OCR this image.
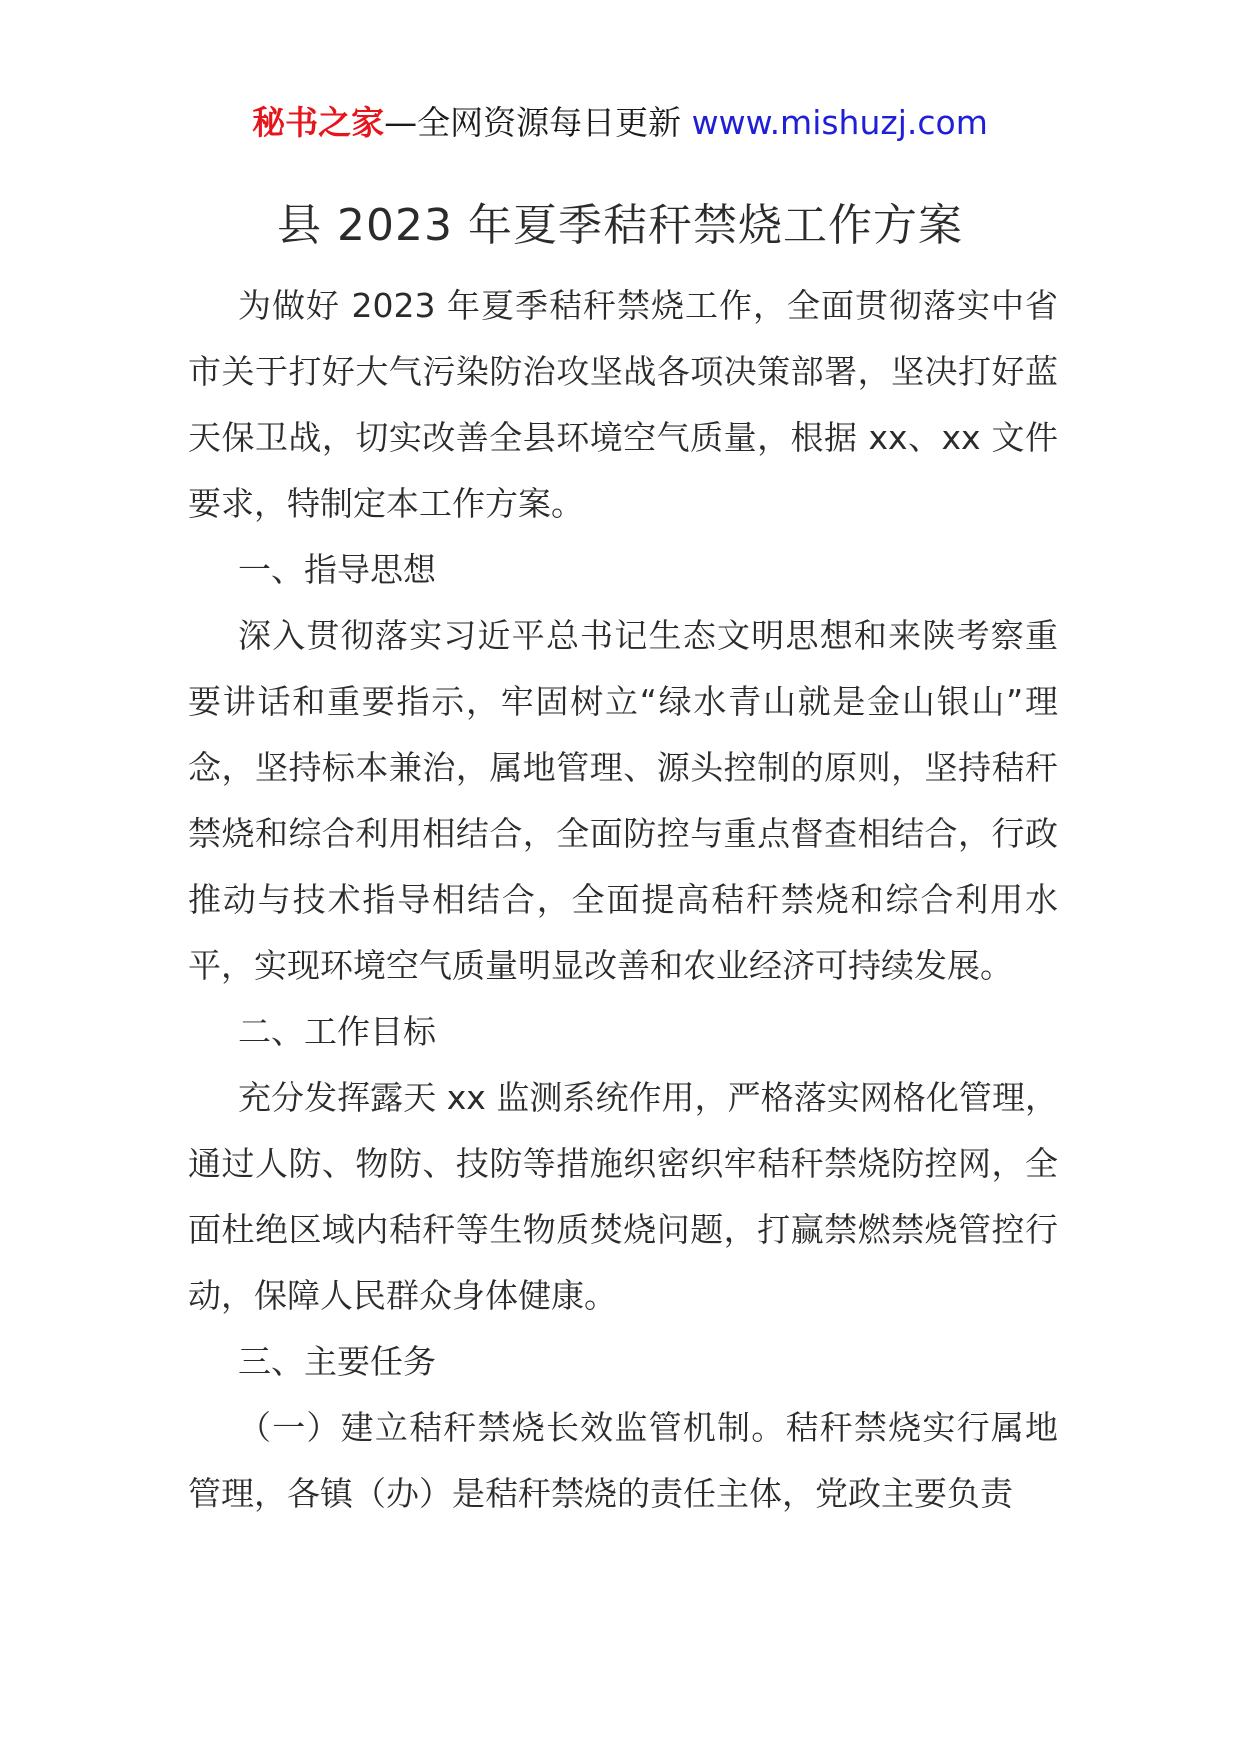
秘书之家—全网资源每日更新 www.mishuzj.com
县 2023 年夏季秸秆禁烧工作方案

为做好 2023 年夏季秸秆禁烧工作，全面贯彻落实中省市关于打好大气污染防治攻坚战各项决策部署，坚决打好蓝天保卫战，切实改善全县环境空气质量，根据 xx、xx 文件要求，特制定本工作方案。

一、指导思想

深入贯彻落实习近平总书记生态文明思想和来陕考察重要讲话和重要指示，牢固树立“绿水青山就是金山银山”理念，坚持标本兼治，属地管理、源头控制的原则，坚持秸秆禁烧和综合利用相结合，全面防控与重点督查相结合，行政推动与技术指导相结合，全面提高秸秆禁烧和综合利用水平，实现环境空气质量明显改善和农业经济可持续发展。

二、工作目标

充分发挥露天 xx 监测系统作用，严格落实网格化管理，通过人防、物防、技防等措施织密织牢秸秆禁烧防控网，全面杜绝区域内秸秆等生物质焚烧问题，打赢禁燃禁烧管控行动，保障人民群众身体健康。

三、主要任务

（一）建立秸秆禁烧长效监管机制。秸秆禁烧实行属地管理，各镇（办）是秸秆禁烧的责任主体，党政主要负责
